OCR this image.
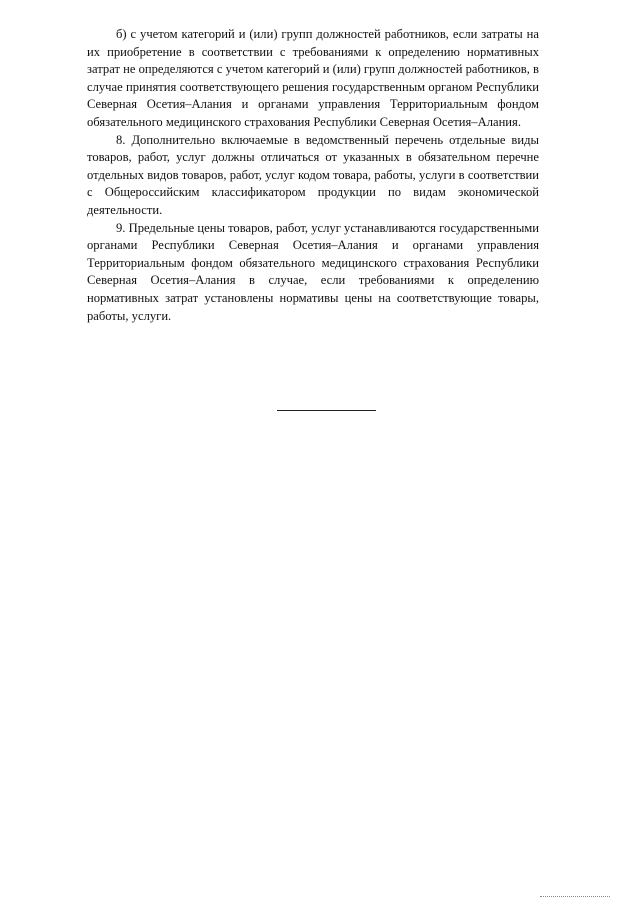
б) с учетом категорий и (или) групп должностей работников, если затраты на их приобретение в соответствии с требованиями к определению нормативных затрат не определяются с учетом категорий и (или) групп должностей работников, в случае принятия соответствующего решения государственным органом Республики Северная Осетия–Алания и органами управления Территориальным фондом обязательного медицинского страхования Республики Северная Осетия–Алания.

8. Дополнительно включаемые в ведомственный перечень отдельные виды товаров, работ, услуг должны отличаться от указанных в обязательном перечне отдельных видов товаров, работ, услуг кодом товара, работы, услуги в соответствии с Общероссийским классификатором продукции по видам экономической деятельности.

9. Предельные цены товаров, работ, услуг устанавливаются государственными органами Республики Северная Осетия–Алания и органами управления Территориальным фондом обязательного медицинского страхования Республики Северная Осетия–Алания в случае, если требованиями к определению нормативных затрат установлены нормативы цены на соответствующие товары, работы, услуги.
